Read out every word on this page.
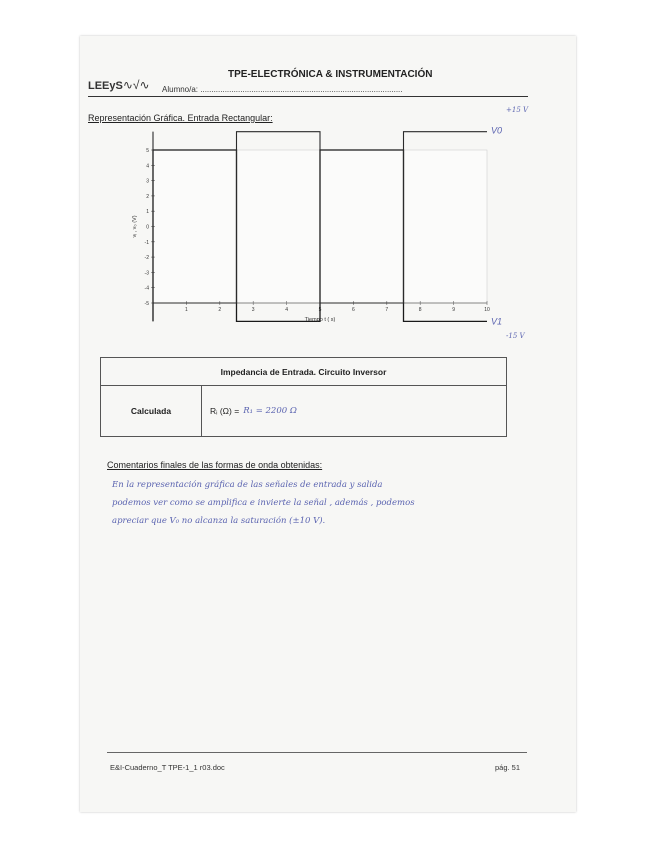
LEEyS∿√∿
TPE-ELECTRÓNICA & INSTRUMENTACIÓN
Alumno/a: ...........................................................................................
Representación Gráfica. Entrada Rectangular:
+15 V
-15 V
5
4
3
2
1
0
-1
-2
-3
-4
-5
1	2	3	4	5	6	7	8	9	10
Tiempo t ( s)
vᵢ , v₀ (V)
V1
V0
Impedancia de Entrada. Circuito Inversor
Calculada	Rᵢ (Ω) = R₁ = 2200 Ω
Comentarios finales de las formas de onda obtenidas:
En la representación gráfica de las señales de entrada y salida
podemos ver como se amplifica e invierte la señal , además , podemos
apreciar que V₀ no alcanza la saturación (±10 V).
E&I-Cuaderno_T TPE-1_1 r03.doc	pág. 51
